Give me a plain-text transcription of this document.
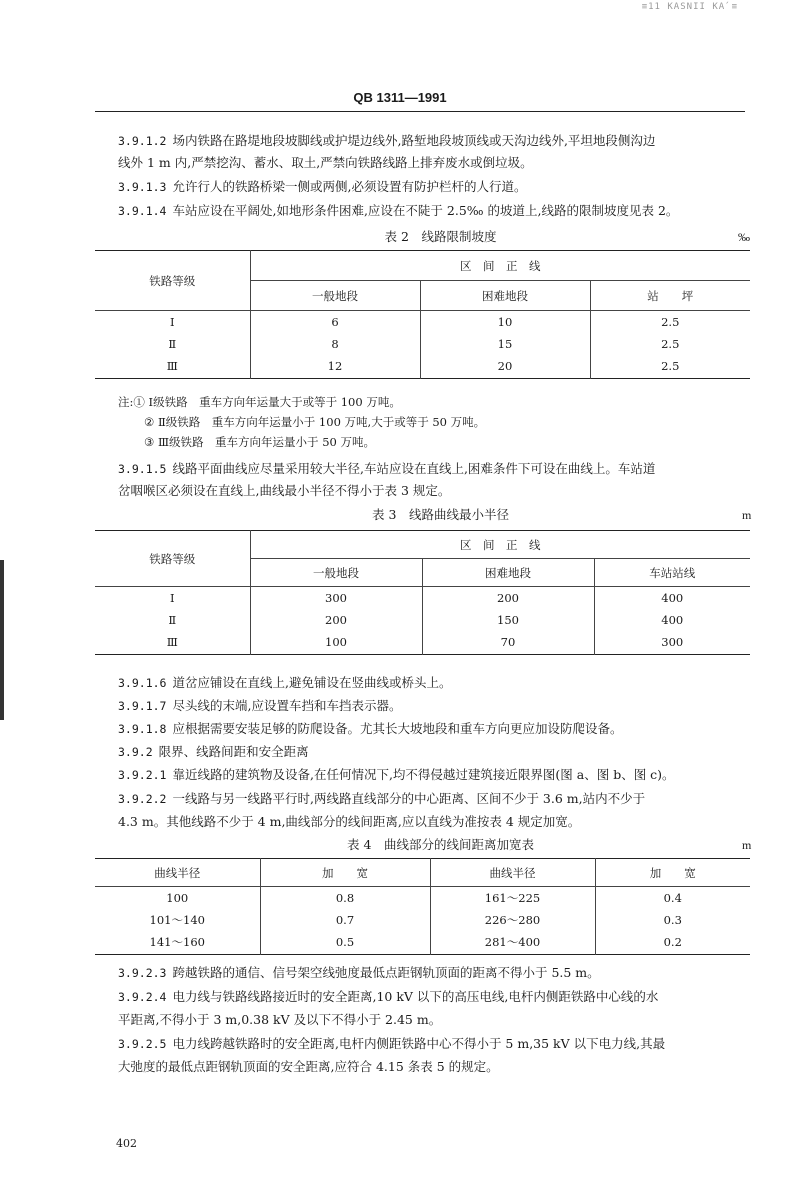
≡11 КАSNII КА́ ≡
QB 1311—1991

3.9.1.2 场内铁路在路堤地段坡脚线或护堤边线外,路堑地段坡顶线或天沟边线外,平坦地段侧沟边

线外 1 m 内,严禁挖沟、蓄水、取土,严禁向铁路线路上排弃废水或倒垃圾。

3.9.1.3 允许行人的铁路桥梁一侧或两侧,必须设置有防护栏杆的人行道。

3.9.1.4 车站应设在平阔处,如地形条件困难,应设在不陡于 2.5‰ 的坡道上,线路的限制坡度见表 2。

表 2　线路限制坡度	‰
铁路等级	区　间　正　线		
	一般地段	困难地段	站　　坪
Ⅰ	6	10	2.5
Ⅱ	8	15	2.5
Ⅲ	12	20	2.5

注:① Ⅰ级铁路　重车方向年运量大于或等于 100 万吨。

② Ⅱ级铁路　重车方向年运量小于 100 万吨,大于或等于 50 万吨。

③ Ⅲ级铁路　重车方向年运量小于 50 万吨。

3.9.1.5 线路平面曲线应尽量采用较大半径,车站应设在直线上,困难条件下可设在曲线上。车站道

岔咽喉区必须设在直线上,曲线最小半径不得小于表 3 规定。

表 3　线路曲线最小半径	m
铁路等级	区　间　正　线		
	一般地段	困难地段	车站站线
Ⅰ	300	200	400
Ⅱ	200	150	400
Ⅲ	100	70	300

3.9.1.6 道岔应铺设在直线上,避免铺设在竖曲线或桥头上。

3.9.1.7 尽头线的末端,应设置车挡和车挡表示器。

3.9.1.8 应根据需要安装足够的防爬设备。尤其长大坡地段和重车方向更应加设防爬设备。

3.9.2 限界、线路间距和安全距离

3.9.2.1 靠近线路的建筑物及设备,在任何情况下,均不得侵越过建筑接近限界图(图 a、图 b、图 c)。

3.9.2.2 一线路与另一线路平行时,两线路直线部分的中心距离、区间不少于 3.6 m,站内不少于

4.3 m。其他线路不少于 4 m,曲线部分的线间距离,应以直线为准按表 4 规定加宽。

表 4　曲线部分的线间距离加宽表	m
曲线半径	加　　宽	曲线半径	加　　宽
100	0.8	161～225	0.4
101～140	0.7	226～280	0.3
141～160	0.5	281～400	0.2

3.9.2.3 跨越铁路的通信、信号架空线弛度最低点距钢轨顶面的距离不得小于 5.5 m。

3.9.2.4 电力线与铁路线路接近时的安全距离,10 kV 以下的高压电线,电杆内侧距铁路中心线的水

平距离,不得小于 3 m,0.38 kV 及以下不得小于 2.45 m。

3.9.2.5 电力线跨越铁路时的安全距离,电杆内侧距铁路中心不得小于 5 m,35 kV 以下电力线,其最

大弛度的最低点距钢轨顶面的安全距离,应符合 4.15 条表 5 的规定。

402
